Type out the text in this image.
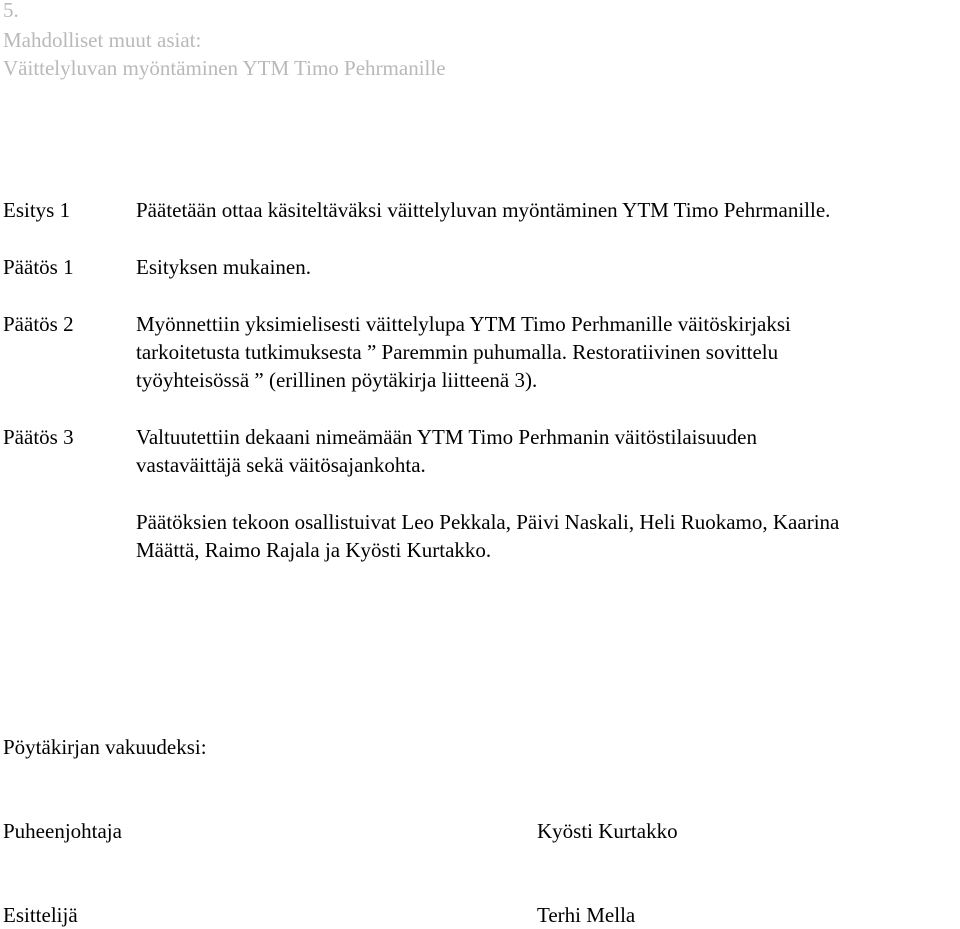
5.
Mahdolliset muut asiat:
Väittelyluvan myöntäminen YTM Timo Pehrmanille
Esitys 1	Päätetään ottaa käsiteltäväksi väittelyluvan myöntäminen YTM Timo Pehrmanille.
Päätös 1	Esityksen mukainen.
Päätös 2	Myönnettiin yksimielisesti väittelylupa YTM Timo Perhmanille väitöskirjaksi
tarkoitetusta tutkimuksesta ” Paremmin puhumalla. Restoratiivinen sovittelu
työyhteisössä ” (erillinen pöytäkirja liitteenä 3).
Päätös 3	Valtuutettiin dekaani nimeämään YTM Timo Perhmanin väitöstilaisuuden
vastaväittäjä sekä väitösajankohta.
Päätöksien tekoon osallistuivat Leo Pekkala, Päivi Naskali, Heli Ruokamo, Kaarina
Määttä, Raimo Rajala ja Kyösti Kurtakko.
Pöytäkirjan vakuudeksi:
Puheenjohtaja	Kyösti Kurtakko
Esittelijä	Terhi Mella
